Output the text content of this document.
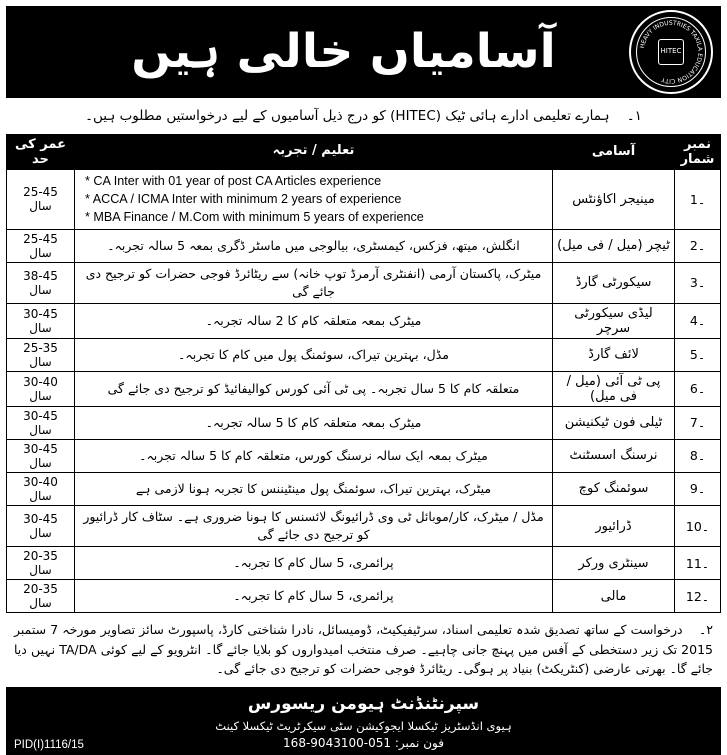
آسامیاں خالی ہیں	HEAVY INDUSTRIES TAXILA EDUCATION CITY
HITEC
۱۔    ہمارے تعلیمی ادارے ہائی ٹیک (HITEC) کو درج ذیل آسامیوں کے لیے درخواستیں مطلوب ہیں۔
نمبر شمار	آسامی	تعلیم / تجربہ	عمر کی حد
۔1	مینیجر اکاؤنٹس	* CA Inter with 01 year of post CA Articles experience
* ACCA / ICMA Inter with minimum 2 years of experience
* MBA Finance / M.Com with minimum 5 years of experience	25-45 سال
۔2	ٹیچر (میل / فی میل)	انگلش، میتھ، فزکس، کیمسٹری، بیالوجی میں ماسٹر ڈگری بمعہ 5 سالہ تجربہ۔	25-45 سال
۔3	سیکورٹی گارڈ	میٹرک، پاکستان آرمی (انفنٹری آرمرڈ توپ خانہ) سے ریٹائرڈ فوجی حضرات کو ترجیح دی جائے گی	38-45 سال
۔4	لیڈی سیکورٹی سرچر	میٹرک بمعہ متعلقہ کام کا 2 سالہ تجربہ۔	30-45 سال
۔5	لائف گارڈ	مڈل، بہترین تیراک، سوئمنگ پول میں کام کا تجربہ۔	25-35 سال
۔6	پی ٹی آئی (میل / فی میل)	متعلقہ کام کا 5 سال تجربہ۔ پی ٹی آئی کورس کوالیفائیڈ کو ترجیح دی جائے گی	30-40 سال
۔7	ٹیلی فون ٹیکنیشن	میٹرک بمعہ متعلقہ کام کا 5 سالہ تجربہ۔	30-45 سال
۔8	نرسنگ اسسٹنٹ	میٹرک بمعہ ایک سالہ نرسنگ کورس، متعلقہ کام کا 5 سالہ تجربہ۔	30-45 سال
۔9	سوئمنگ کوچ	میٹرک، بہترین تیراک، سوئمنگ پول مینٹیننس کا تجربہ ہونا لازمی ہے	30-40 سال
۔10	ڈرائیور	مڈل / میٹرک، کار/موبائل ٹی وی ڈرائیونگ لائسنس کا ہونا ضروری ہے۔ سٹاف کار ڈرائیور کو ترجیح دی جائے گی	30-45 سال
۔11	سینٹری ورکر	پرائمری، 5 سال کام کا تجربہ۔	20-35 سال
۔12	مالی	پرائمری، 5 سال کام کا تجربہ۔	20-35 سال
۲۔    درخواست کے ساتھ تصدیق شدہ تعلیمی اسناد، سرٹیفیکیٹ، ڈومیسائل، نادرا شناختی کارڈ، پاسپورٹ سائز تصاویر مورخہ 7 ستمبر 2015 تک زیر دستخطی کے آفس میں پہنچ جانی چاہیے۔ صرف منتخب امیدواروں کو بلایا جائے گا۔ انٹرویو کے لیے کوئی TA/DA نہیں دیا جائے گا۔ بھرتی عارضی (کنٹریکٹ) بنیاد پر ہوگی۔ ریٹائرڈ فوجی حضرات کو ترجیح دی جائے گی۔
سپرنٹنڈنٹ ہیومن ریسورس
ہیوی انڈسٹریز ٹیکسلا ایجوکیشن سٹی سیکرٹریٹ ٹیکسلا کینٹ
فون نمبر: 051-9043100-168
PID(I)1116/15
